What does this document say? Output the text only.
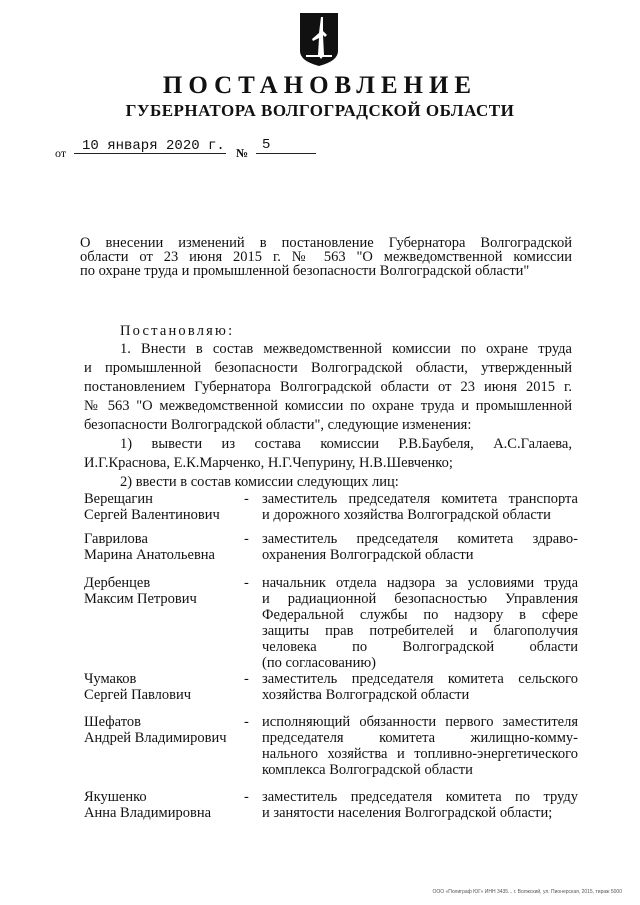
ПОСТАНОВЛЕНИЕ
ГУБЕРНАТОРА ВОЛГОГРАДСКОЙ ОБЛАСТИ
от 10 января 2020 г. № 5
О внесении изменений в постановление Губернатора Волгоградской
области от 23 июня 2015 г. № 563 "О межведомственной комиссии
по охране труда и промышленной безопасности Волгоградской области"
Постановляю:
1. Внести в состав межведомственной комиссии по охране труда
и промышленной безопасности Волгоградской области, утвержденный
постановлением Губернатора Волгоградской области от 23 июня 2015 г.
№ 563 "О межведомственной комиссии по охране труда и промышленной
безопасности Волгоградской области", следующие изменения:
1) вывести из состава комиссии Р.В.Баубеля, А.С.Галаева,
И.Г.Краснова, Е.К.Марченко, Н.Г.Чепурину, Н.В.Шевченко;
2) ввести в состав комиссии следующих лиц:
Верещагин
Сергей Валентинович
- заместитель председателя комитета транспорта
и дорожного хозяйства Волгоградской области
Гаврилова
Марина Анатольевна
- заместитель председателя комитета здраво-
охранения Волгоградской области
Дербенцев
Максим Петрович
- начальник отдела надзора за условиями труда
и радиационной безопасностью Управления
Федеральной службы по надзору в сфере
защиты прав потребителей и благополучия
человека по Волгоградской области
(по согласованию)
Чумаков
Сергей Павлович
- заместитель председателя комитета сельского
хозяйства Волгоградской области
Шефатов
Андрей Владимирович
- исполняющий обязанности первого заместителя
председателя комитета жилищно-комму-
нального хозяйства и топливно-энергетического
комплекса Волгоградской области
Якушенко
Анна Владимировна
- заместитель председателя комитета по труду
и занятости населения Волгоградской области;
ООО «Полиграф ЮГ» ИНН 3435... г. Волжский, ул. Пионерская, 2015, тираж 5000
